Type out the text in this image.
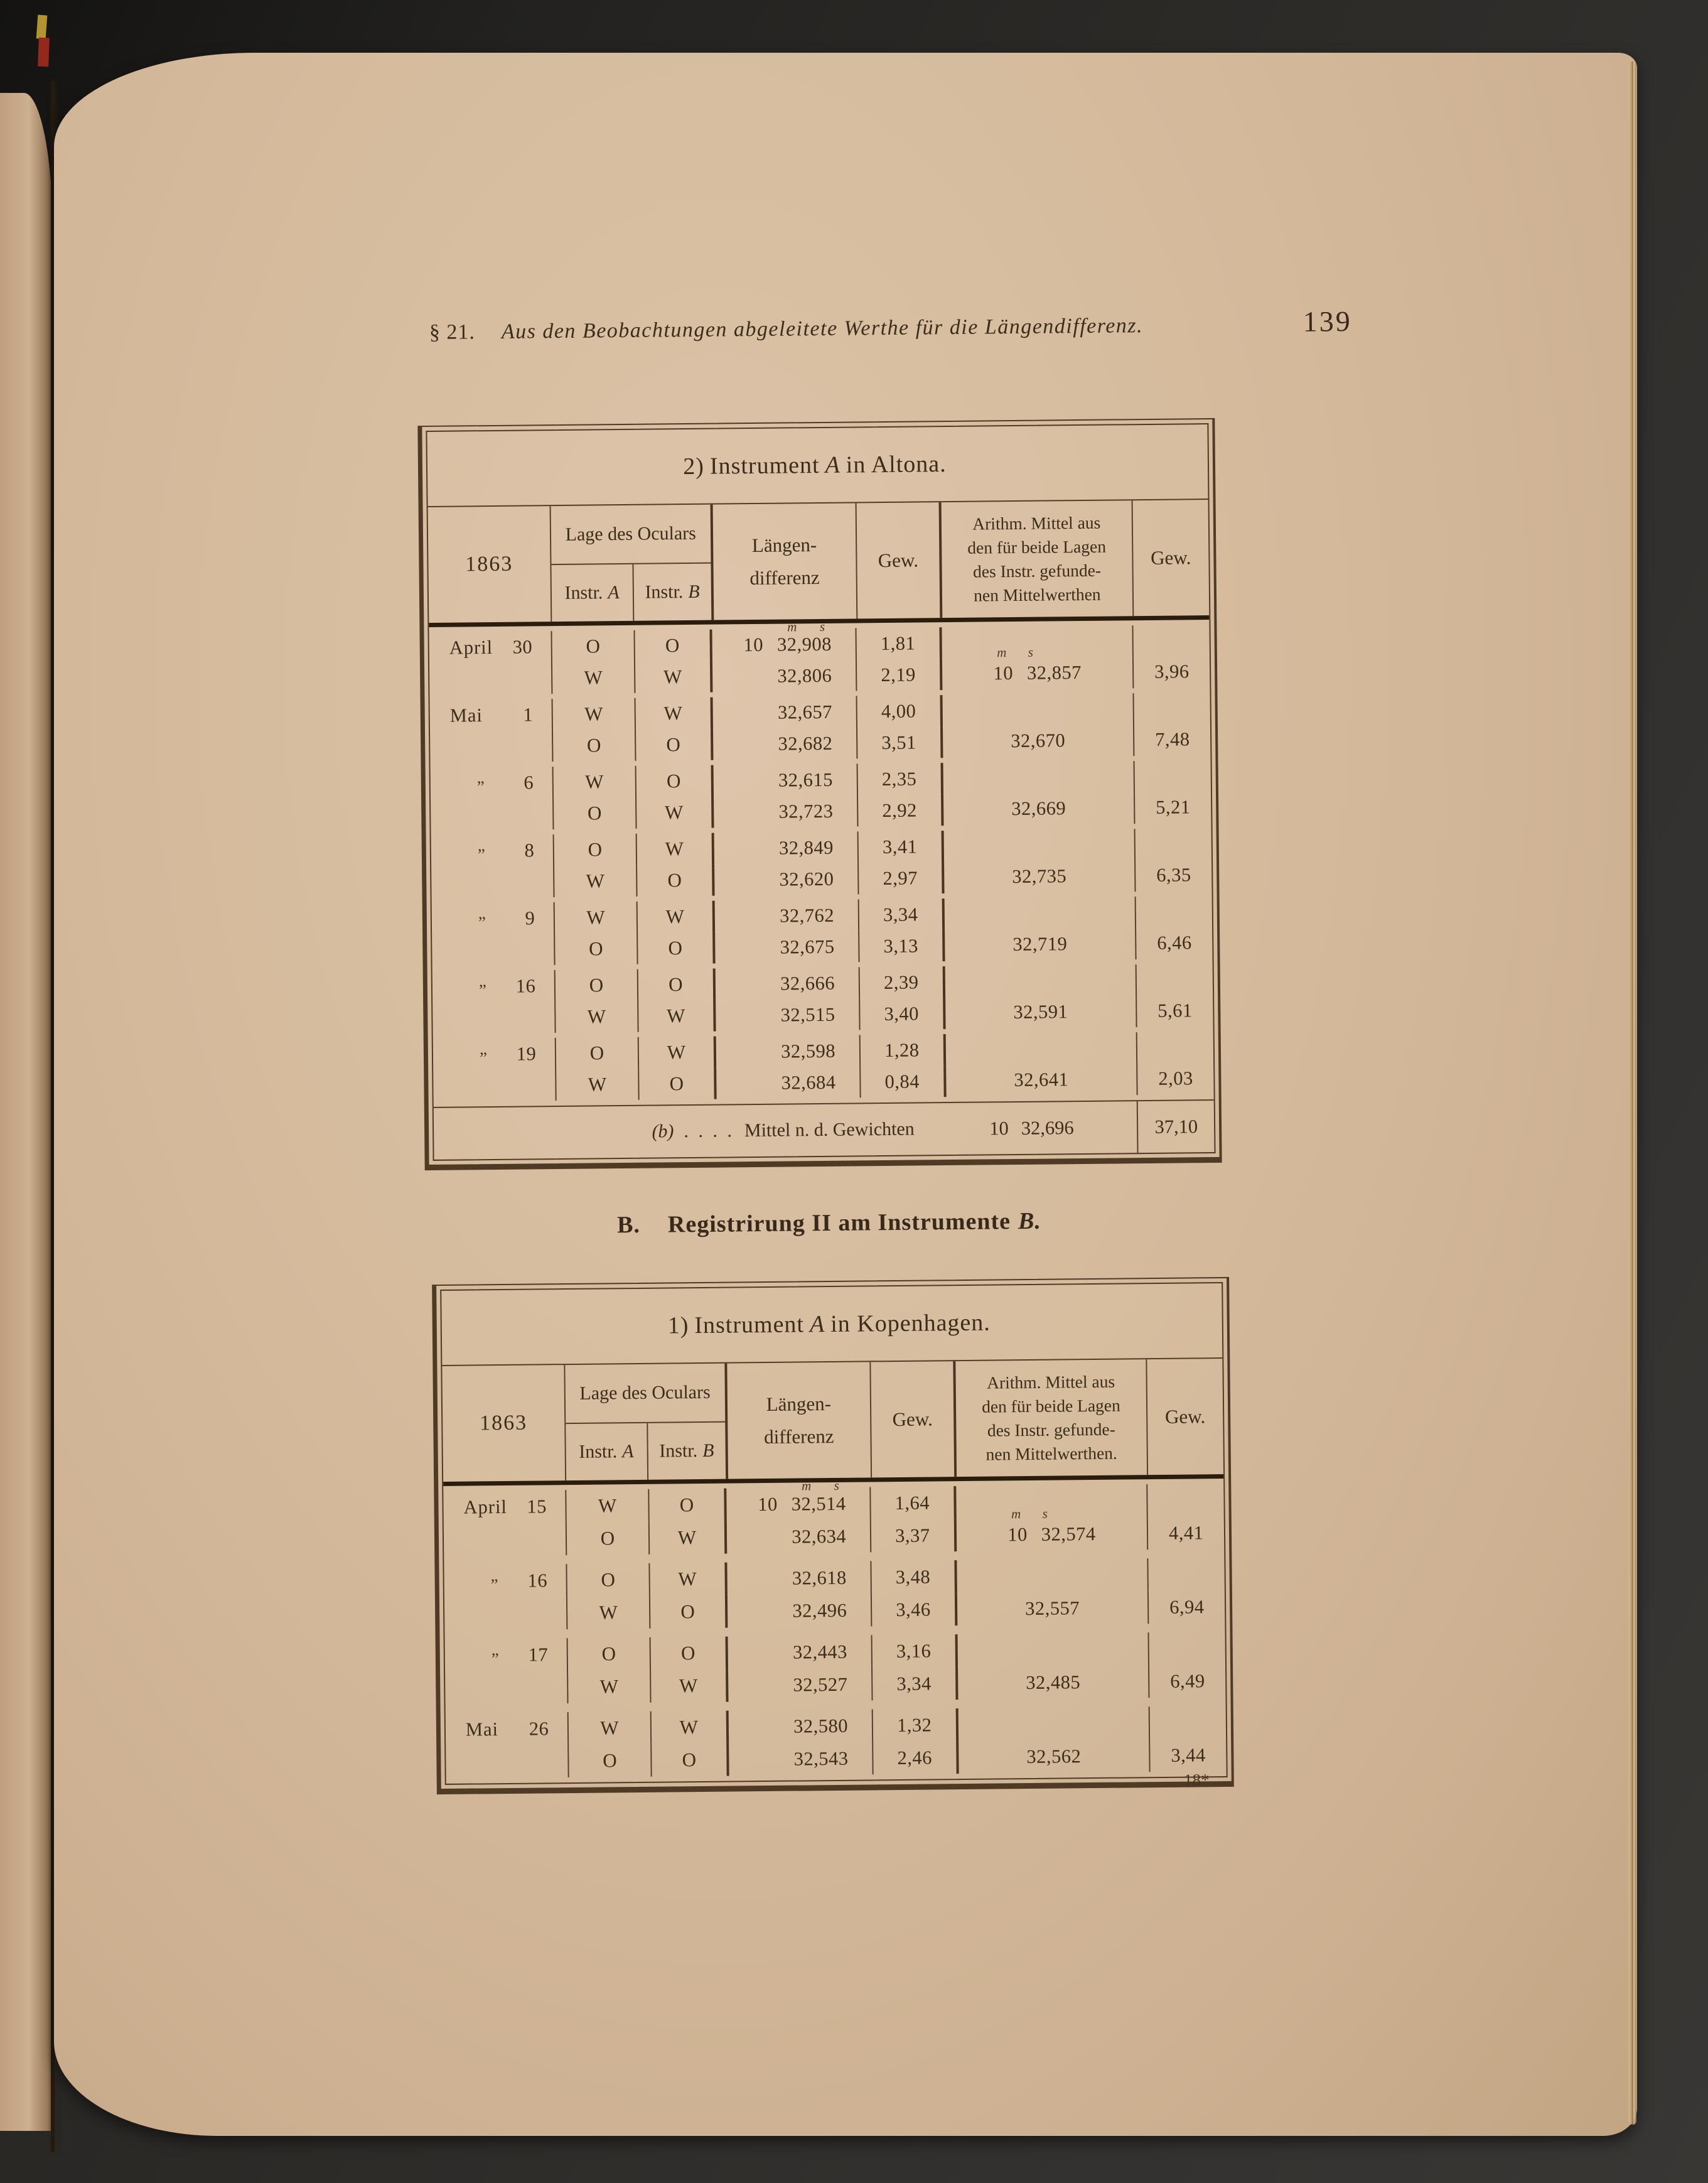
§ 21. Aus den Beobachtungen abgeleitete Werthe für die Längendifferenz.	139
2) Instrument A in Altona.
1863
Lage des Oculars
Instr. A Instr. B
Längen-
differenz
Gew.
Arithm. Mittel aus
den für beide Lagen
des Instr. gefunde-
nen Mittelwerthen
Gew.
April 30	O	O
m s
10 32,908	1,81
W	W	32,806	2,19
m s
10 32,857	3,96
Mai 1	W	W	32,657	4,00
O	O	32,682	3,51	32,670	7,48
„ 6	W	O	32,615	2,35
O	W	32,723	2,92	32,669	5,21
„ 8	O	W	32,849	3,41
W	O	32,620	2,97	32,735	6,35
„ 9	W	W	32,762	3,34
O	O	32,675	3,13	32,719	6,46
„ 16	O	O	32,666	2,39
W	W	32,515	3,40	32,591	5,61
„ 19	O	W	32,598	1,28
W	O	32,684	0,84	32,641	2,03
(b) . . . . Mittel n. d. Gewichten	10 32,696	37,10
B. Registrirung II am Instrumente B.
1) Instrument A in Kopenhagen.
1863
Lage des Oculars
Instr. A Instr. B
Längen-
differenz
Gew.
Arithm. Mittel aus
den für beide Lagen
des Instr. gefunde-
nen Mittelwerthen.
Gew.
April 15	W	O
m s
10 32,514	1,64
O	W	32,634	3,37
m s
10 32,574	4,41
„ 16	O	W	32,618	3,48
W	O	32,496	3,46	32,557	6,94
„ 17	O	O	32,443	3,16
W	W	32,527	3,34	32,485	6,49
Mai 26	W	W	32,580	1,32
O	O	32,543	2,46	32,562	3,44
18*
